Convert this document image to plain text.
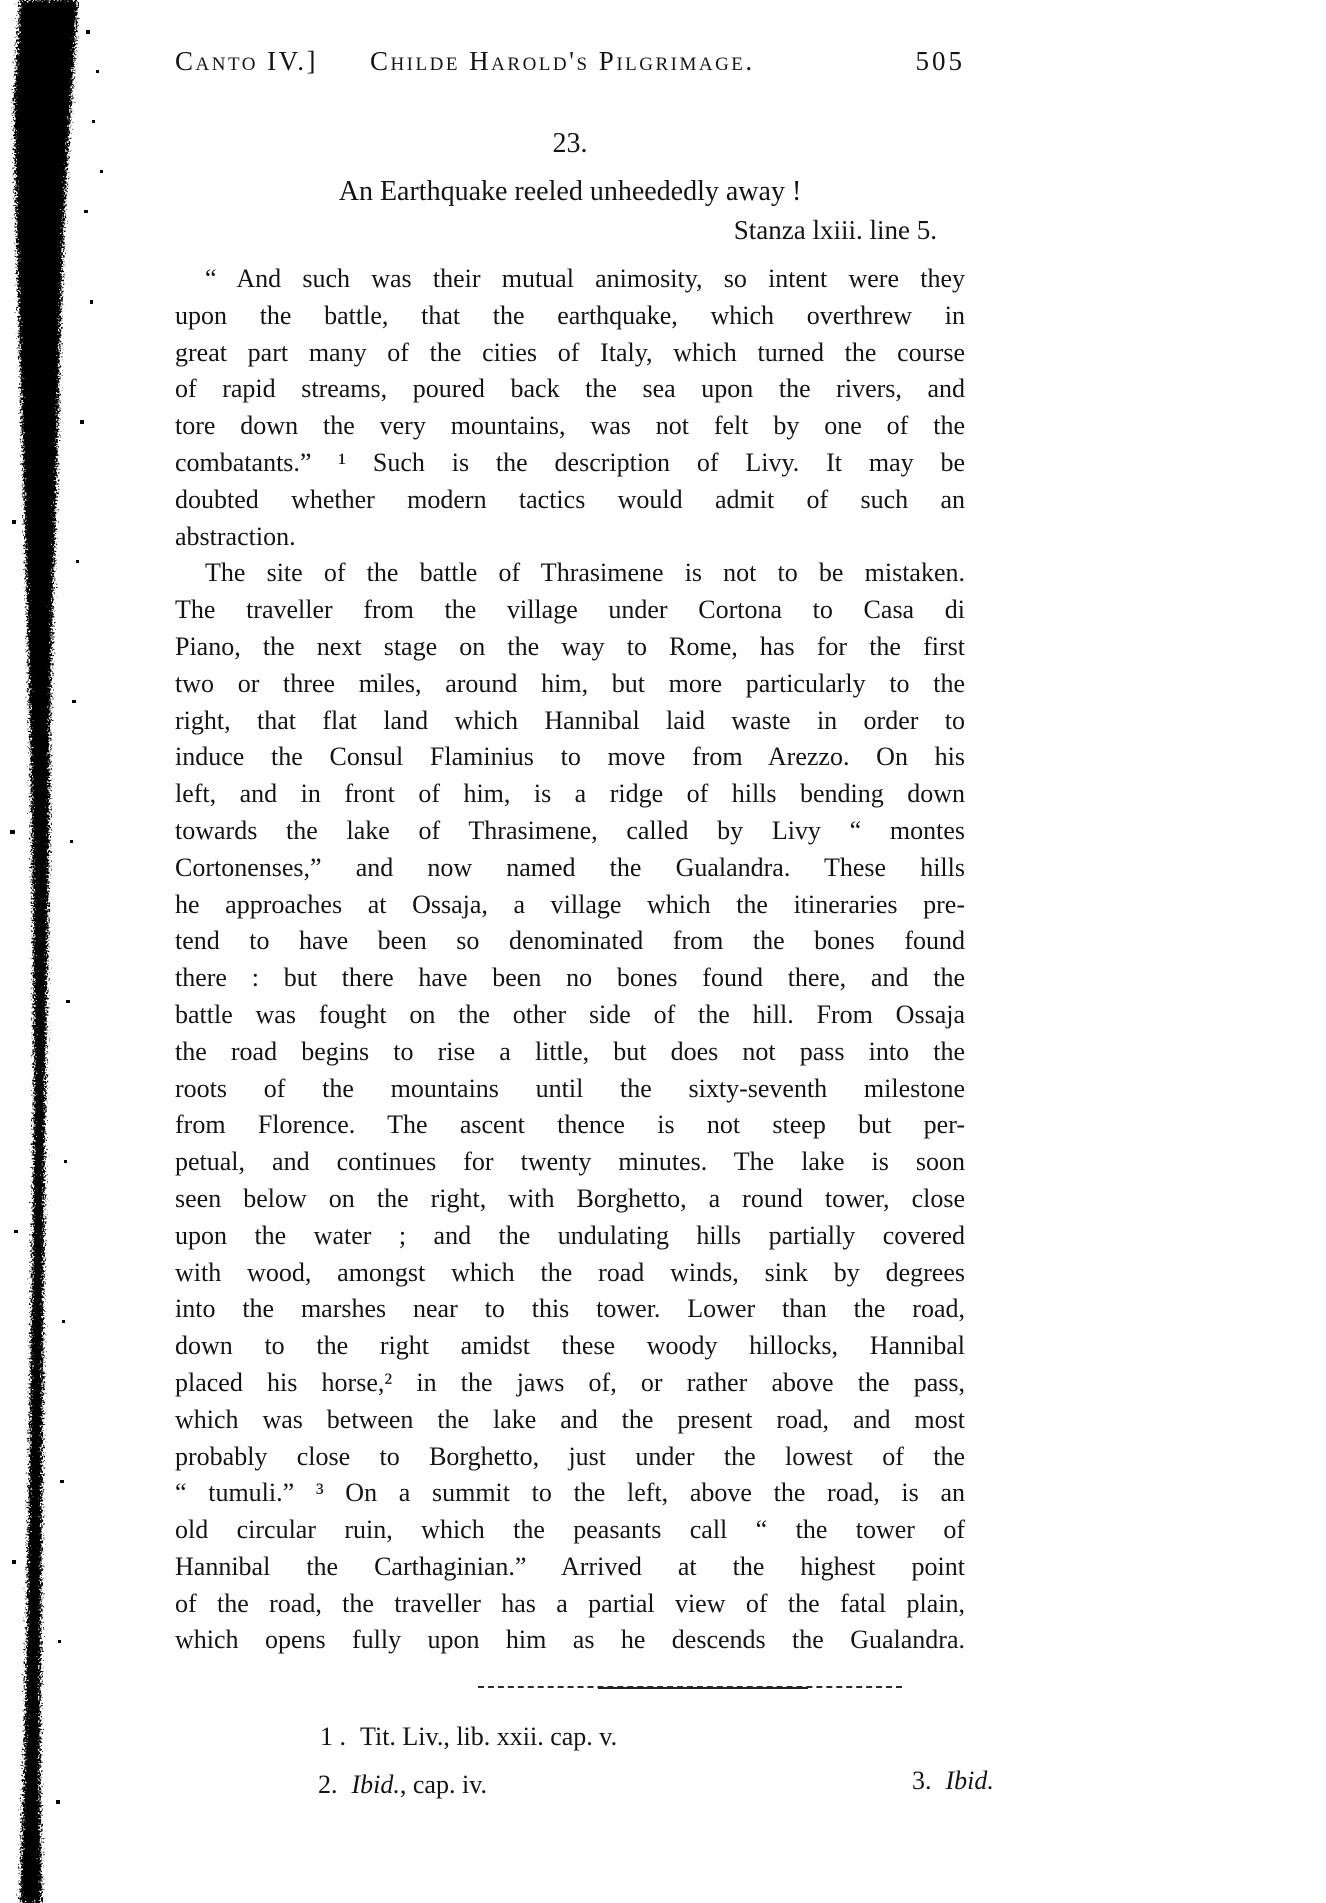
Canto IV.] Childe Harold's Pilgrimage.	505
23.
An Earthquake reeled unheededly away !
Stanza lxiii. line 5.
“ And such was their mutual animosity, so intent were they
upon the battle, that the earthquake, which overthrew in
great part many of the cities of Italy, which turned the course
of rapid streams, poured back the sea upon the rivers, and
tore down the very mountains, was not felt by one of the
combatants.” ¹ Such is the description of Livy. It may be
doubted whether modern tactics would admit of such an
abstraction.
The site of the battle of Thrasimene is not to be mistaken.
The traveller from the village under Cortona to Casa di
Piano, the next stage on the way to Rome, has for the first
two or three miles, around him, but more particularly to the
right, that flat land which Hannibal laid waste in order to
induce the Consul Flaminius to move from Arezzo. On his
left, and in front of him, is a ridge of hills bending down
towards the lake of Thrasimene, called by Livy “ montes
Cortonenses,” and now named the Gualandra. These hills
he approaches at Ossaja, a village which the itineraries pre-
tend to have been so denominated from the bones found
there : but there have been no bones found there, and the
battle was fought on the other side of the hill. From Ossaja
the road begins to rise a little, but does not pass into the
roots of the mountains until the sixty-seventh milestone
from Florence. The ascent thence is not steep but per-
petual, and continues for twenty minutes. The lake is soon
seen below on the right, with Borghetto, a round tower, close
upon the water ; and the undulating hills partially covered
with wood, amongst which the road winds, sink by degrees
into the marshes near to this tower. Lower than the road,
down to the right amidst these woody hillocks, Hannibal
placed his horse,² in the jaws of, or rather above the pass,
which was between the lake and the present road, and most
probably close to Borghetto, just under the lowest of the
“ tumuli.” ³ On a summit to the left, above the road, is an
old circular ruin, which the peasants call “ the tower of
Hannibal the Carthaginian.” Arrived at the highest point
of the road, the traveller has a partial view of the fatal plain,
which opens fully upon him as he descends the Gualandra.
1 . Tit. Liv., lib. xxii. cap. v.
2. Ibid., cap. iv.	3. Ibid.
